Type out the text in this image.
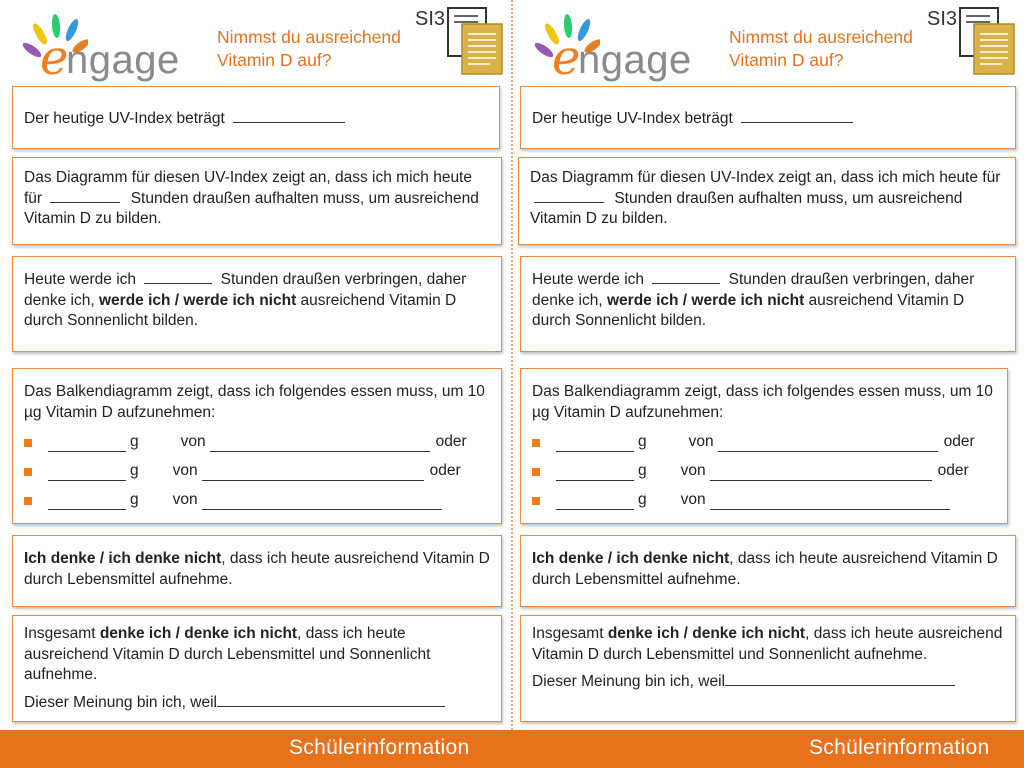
e
ngage
Nimmst du ausreichend
Vitamin D auf?
SI3
Der heutige UV-Index beträgt
Das Diagramm für diesen UV-Index zeigt an, dass ich mich heute für	Stunden draußen aufhalten muss, um ausreichend Vitamin D zu bilden.
Heute werde ich	Stunden draußen verbringen, daher denke ich, werde ich / werde ich nicht ausreichend Vitamin D durch Sonnenlicht bilden.

Das Balkendiagramm zeigt, dass ich folgendes essen muss, um 10 µg Vitamin D aufzunehmen:

g	von	oder
g von	oder
g von
Ich denke / ich denke nicht, dass ich heute ausreichend Vitamin D durch Lebensmittel aufnehme.

Insgesamt denke ich / denke ich nicht, dass ich heute ausreichend Vitamin D durch Lebensmittel und Sonnenlicht aufnehme.

Dieser Meinung bin ich, weil

e
ngage
Nimmst du ausreichend
Vitamin D auf?
SI3
Der heutige UV-Index beträgt
Das Diagramm für diesen UV-Index zeigt an, dass ich mich heute für  Stunden draußen aufhalten muss, um ausreichend Vitamin D zu bilden.
Heute werde ich	Stunden draußen verbringen, daher denke ich, werde ich / werde ich nicht ausreichend Vitamin D durch Sonnenlicht bilden.

Das Balkendiagramm zeigt, dass ich folgendes essen muss, um 10 µg Vitamin D aufzunehmen:

g	von	oder
g von	oder
g von
Ich denke / ich denke nicht, dass ich heute ausreichend Vitamin D durch Lebensmittel aufnehme.

Insgesamt denke ich / denke ich nicht, dass ich heute ausreichend Vitamin D durch Lebensmittel und Sonnenlicht aufnehme.

Dieser Meinung bin ich, weil

Schülerinformation	Schülerinformation
